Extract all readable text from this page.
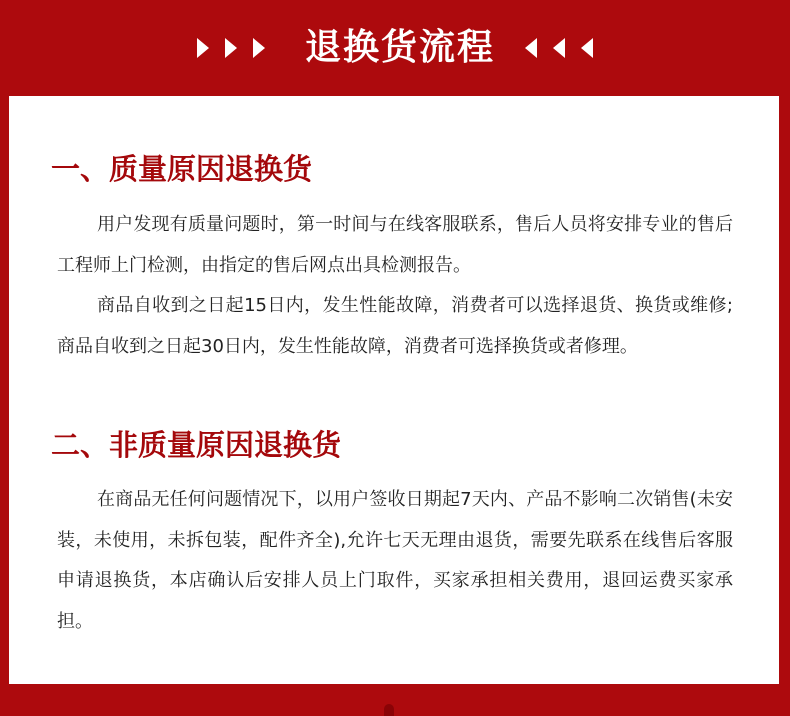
退换货流程
一、质量原因退换货

用户发现有质量问题时，第一时间与在线客服联系，售后人员将安排专业的售后工程师上门检测，由指定的售后网点出具检测报告。

商品自收到之日起15日内，发生性能故障，消费者可以选择退货、换货或维修;商品自收到之日起30日内，发生性能故障，消费者可选择换货或者修理。

二、非质量原因退换货

在商品无任何问题情况下，以用户签收日期起7天内、产品不影响二次销售(未安装，未使用，未拆包装，配件齐全),允许七天无理由退货，需要先联系在线售后客服申请退换货，本店确认后安排人员上门取件，买家承担相关费用，退回运费买家承担。
